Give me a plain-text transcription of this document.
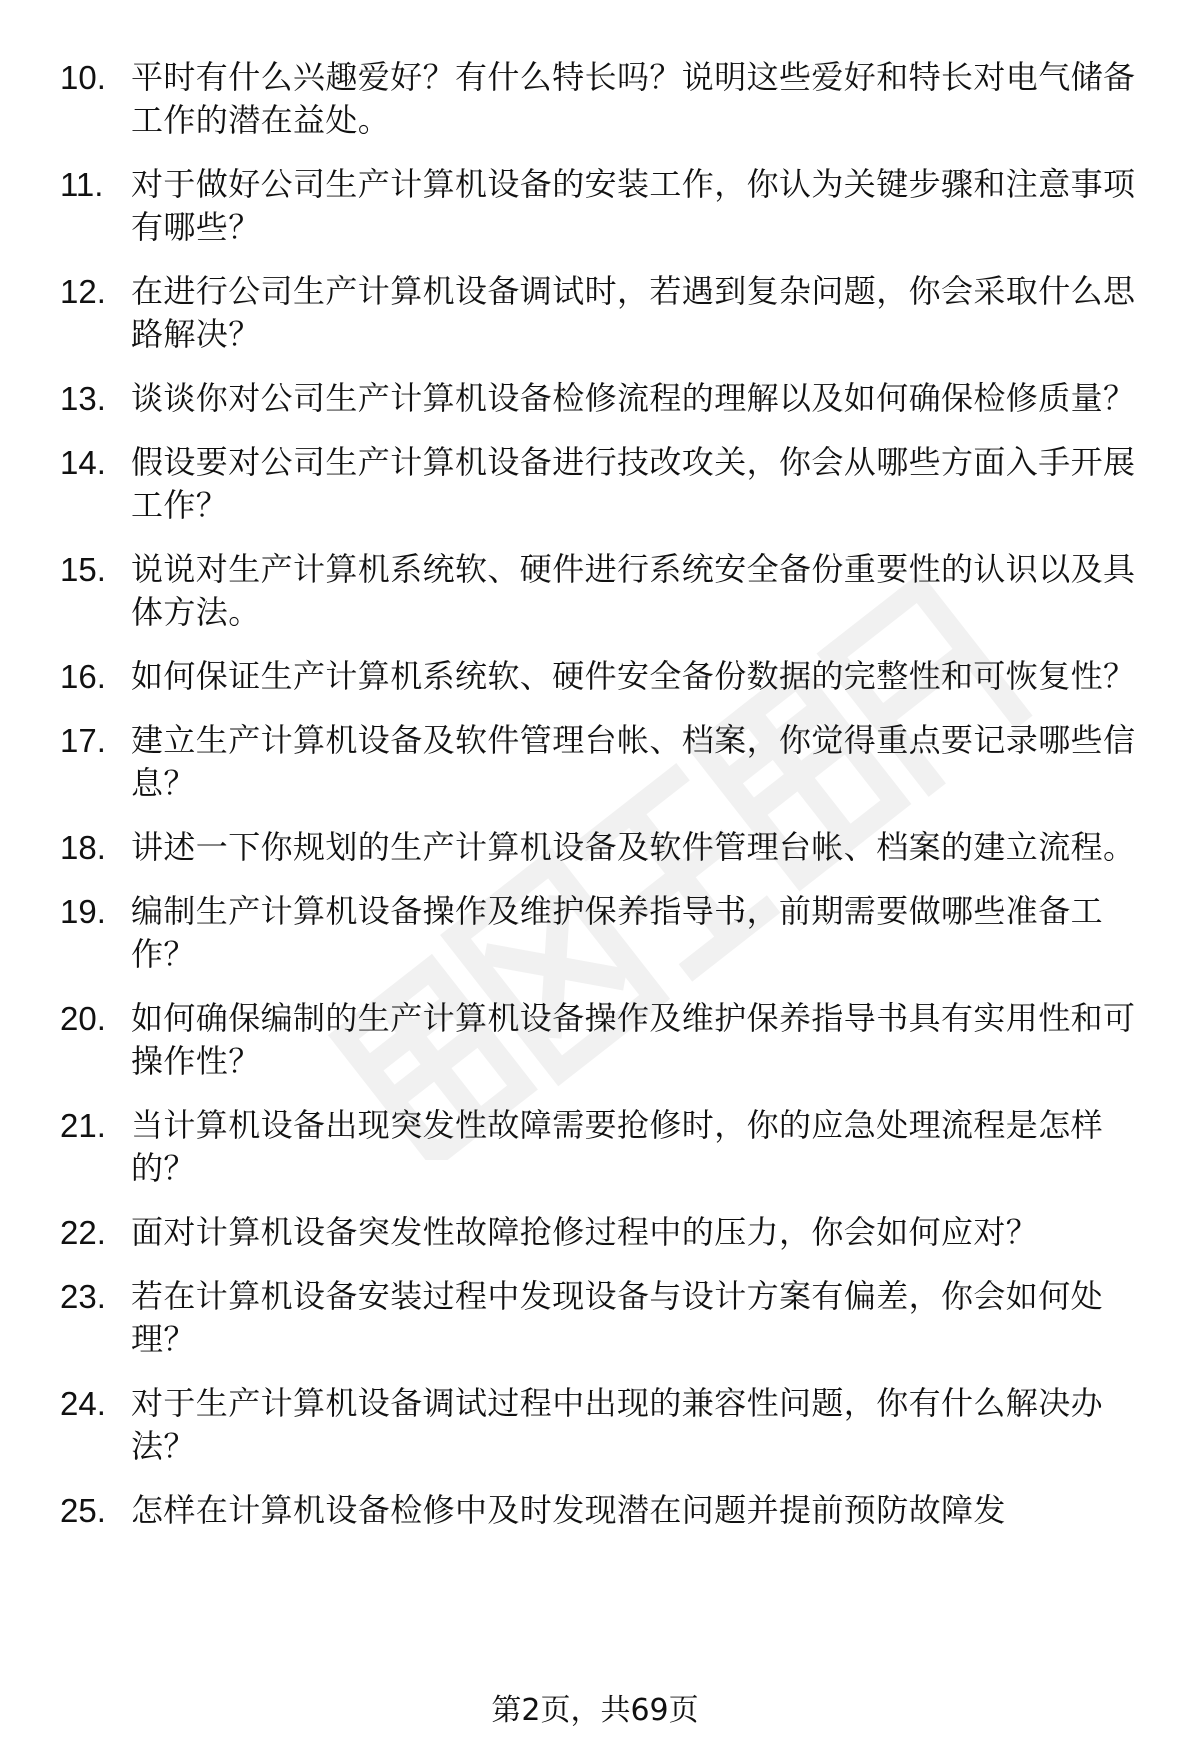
10. 平时有什么兴趣爱好？有什么特长吗？说明这些爱好和特长对电气储备工作的潜在益处。
11. 对于做好公司生产计算机设备的安装工作，你认为关键步骤和注意事项有哪些？
12. 在进行公司生产计算机设备调试时，若遇到复杂问题，你会采取什么思路解决？
13. 谈谈你对公司生产计算机设备检修流程的理解以及如何确保检修质量？
14. 假设要对公司生产计算机设备进行技改攻关，你会从哪些方面入手开展工作？
15. 说说对生产计算机系统软、硬件进行系统安全备份重要性的认识以及具体方法。
16. 如何保证生产计算机系统软、硬件安全备份数据的完整性和可恢复性？
17. 建立生产计算机设备及软件管理台帐、档案，你觉得重点要记录哪些信息？
18. 讲述一下你规划的生产计算机设备及软件管理台帐、档案的建立流程。
19. 编制生产计算机设备操作及维护保养指导书，前期需要做哪些准备工作？
20. 如何确保编制的生产计算机设备操作及维护保养指导书具有实用性和可操作性？
21. 当计算机设备出现突发性故障需要抢修时，你的应急处理流程是怎样的？
22. 面对计算机设备突发性故障抢修过程中的压力，你会如何应对？
23. 若在计算机设备安装过程中发现设备与设计方案有偏差，你会如何处理？
24. 对于生产计算机设备调试过程中出现的兼容性问题，你有什么解决办法？
25. 怎样在计算机设备检修中及时发现潜在问题并提前预防故障发
第2页，共69页
